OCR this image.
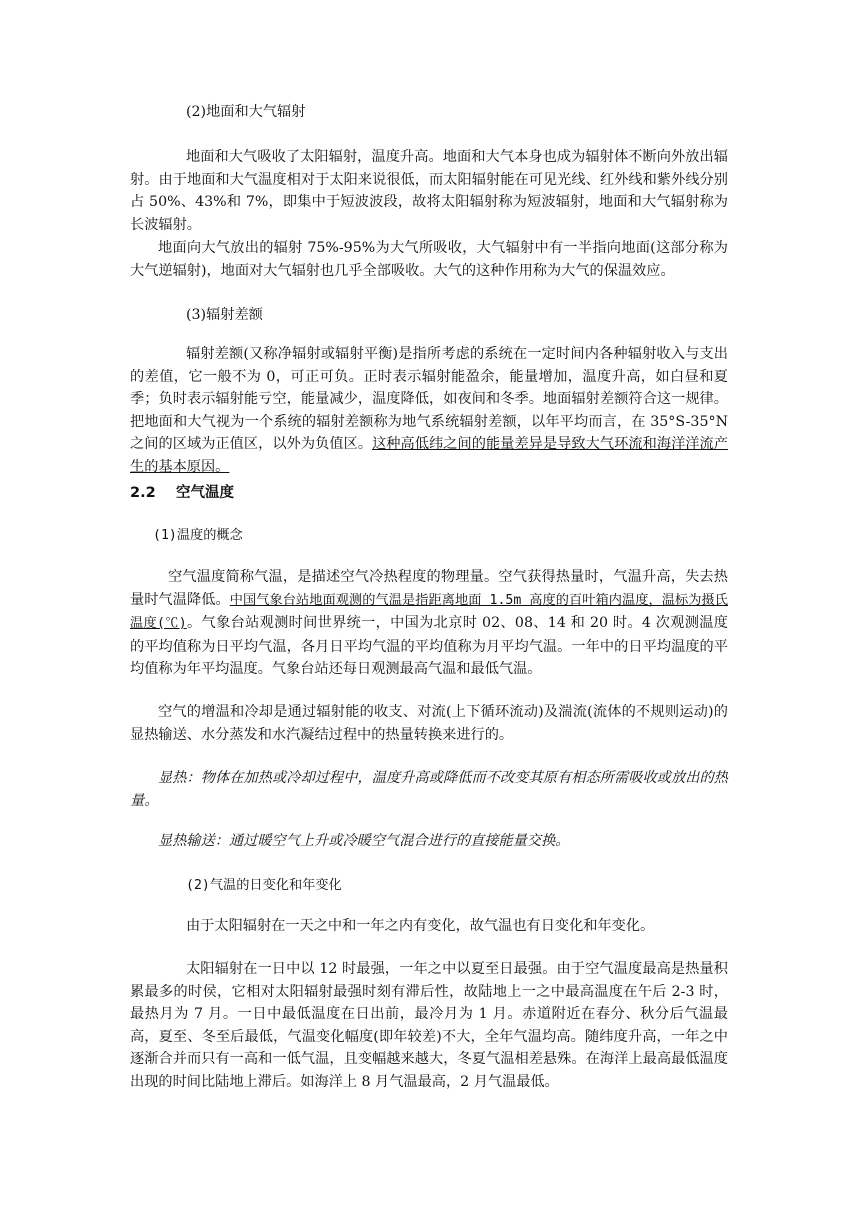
(2)地面和大气辐射

地面和大气吸收了太阳辐射，温度升高。地面和大气本身也成为辐射体不断向外放出辐射。由于地面和大气温度相对于太阳来说很低，而太阳辐射能在可见光线、红外线和紫外线分别占 50%、43%和 7%，即集中于短波波段，故将太阳辐射称为短波辐射，地面和大气辐射称为长波辐射。

地面向大气放出的辐射 75%-95%为大气所吸收，大气辐射中有一半指向地面(这部分称为大气逆辐射)，地面对大气辐射也几乎全部吸收。大气的这种作用称为大气的保温效应。

(3)辐射差额

辐射差额(又称净辐射或辐射平衡)是指所考虑的系统在一定时间内各种辐射收入与支出的差值，它一般不为 0，可正可负。正时表示辐射能盈余，能量增加，温度升高，如白昼和夏季；负时表示辐射能亏空，能量减少，温度降低，如夜间和冬季。地面辐射差额符合这一规律。把地面和大气视为一个系统的辐射差额称为地气系统辐射差额，以年平均而言，在 35°S-35°N 之间的区域为正值区，以外为负值区。这种高低纬之间的能量差异是导致大气环流和海洋洋流产生的基本原因。

2.2 空气温度

(1)温度的概念

空气温度简称气温，是描述空气冷热程度的物理量。空气获得热量时，气温升高，失去热量时气温降低。中国气象台站地面观测的气温是指距离地面 1.5m 高度的百叶箱内温度，温标为摄氏温度(℃)。气象台站观测时间世界统一，中国为北京时 02、08、14 和 20 时。4 次观测温度的平均值称为日平均气温，各月日平均气温的平均值称为月平均气温。一年中的日平均温度的平均值称为年平均温度。气象台站还每日观测最高气温和最低气温。

空气的增温和冷却是通过辐射能的收支、对流(上下循环流动)及湍流(流体的不规则运动)的显热输送、水分蒸发和水汽凝结过程中的热量转换来进行的。

显热：物体在加热或冷却过程中，温度升高或降低而不改变其原有相态所需吸收或放出的热量。

显热输送：通过暖空气上升或冷暖空气混合进行的直接能量交换。

(2)气温的日变化和年变化

由于太阳辐射在一天之中和一年之内有变化，故气温也有日变化和年变化。

太阳辐射在一日中以 12 时最强，一年之中以夏至日最强。由于空气温度最高是热量积累最多的时侯，它相对太阳辐射最强时刻有滞后性，故陆地上一之中最高温度在午后 2-3 时，最热月为 7 月。一日中最低温度在日出前，最冷月为 1 月。赤道附近在春分、秋分后气温最高，夏至、冬至后最低，气温变化幅度(即年较差)不大，全年气温均高。随纬度升高，一年之中逐渐合并而只有一高和一低气温，且变幅越来越大，冬夏气温相差悬殊。在海洋上最高最低温度出现的时间比陆地上滞后。如海洋上 8 月气温最高，2 月气温最低。
